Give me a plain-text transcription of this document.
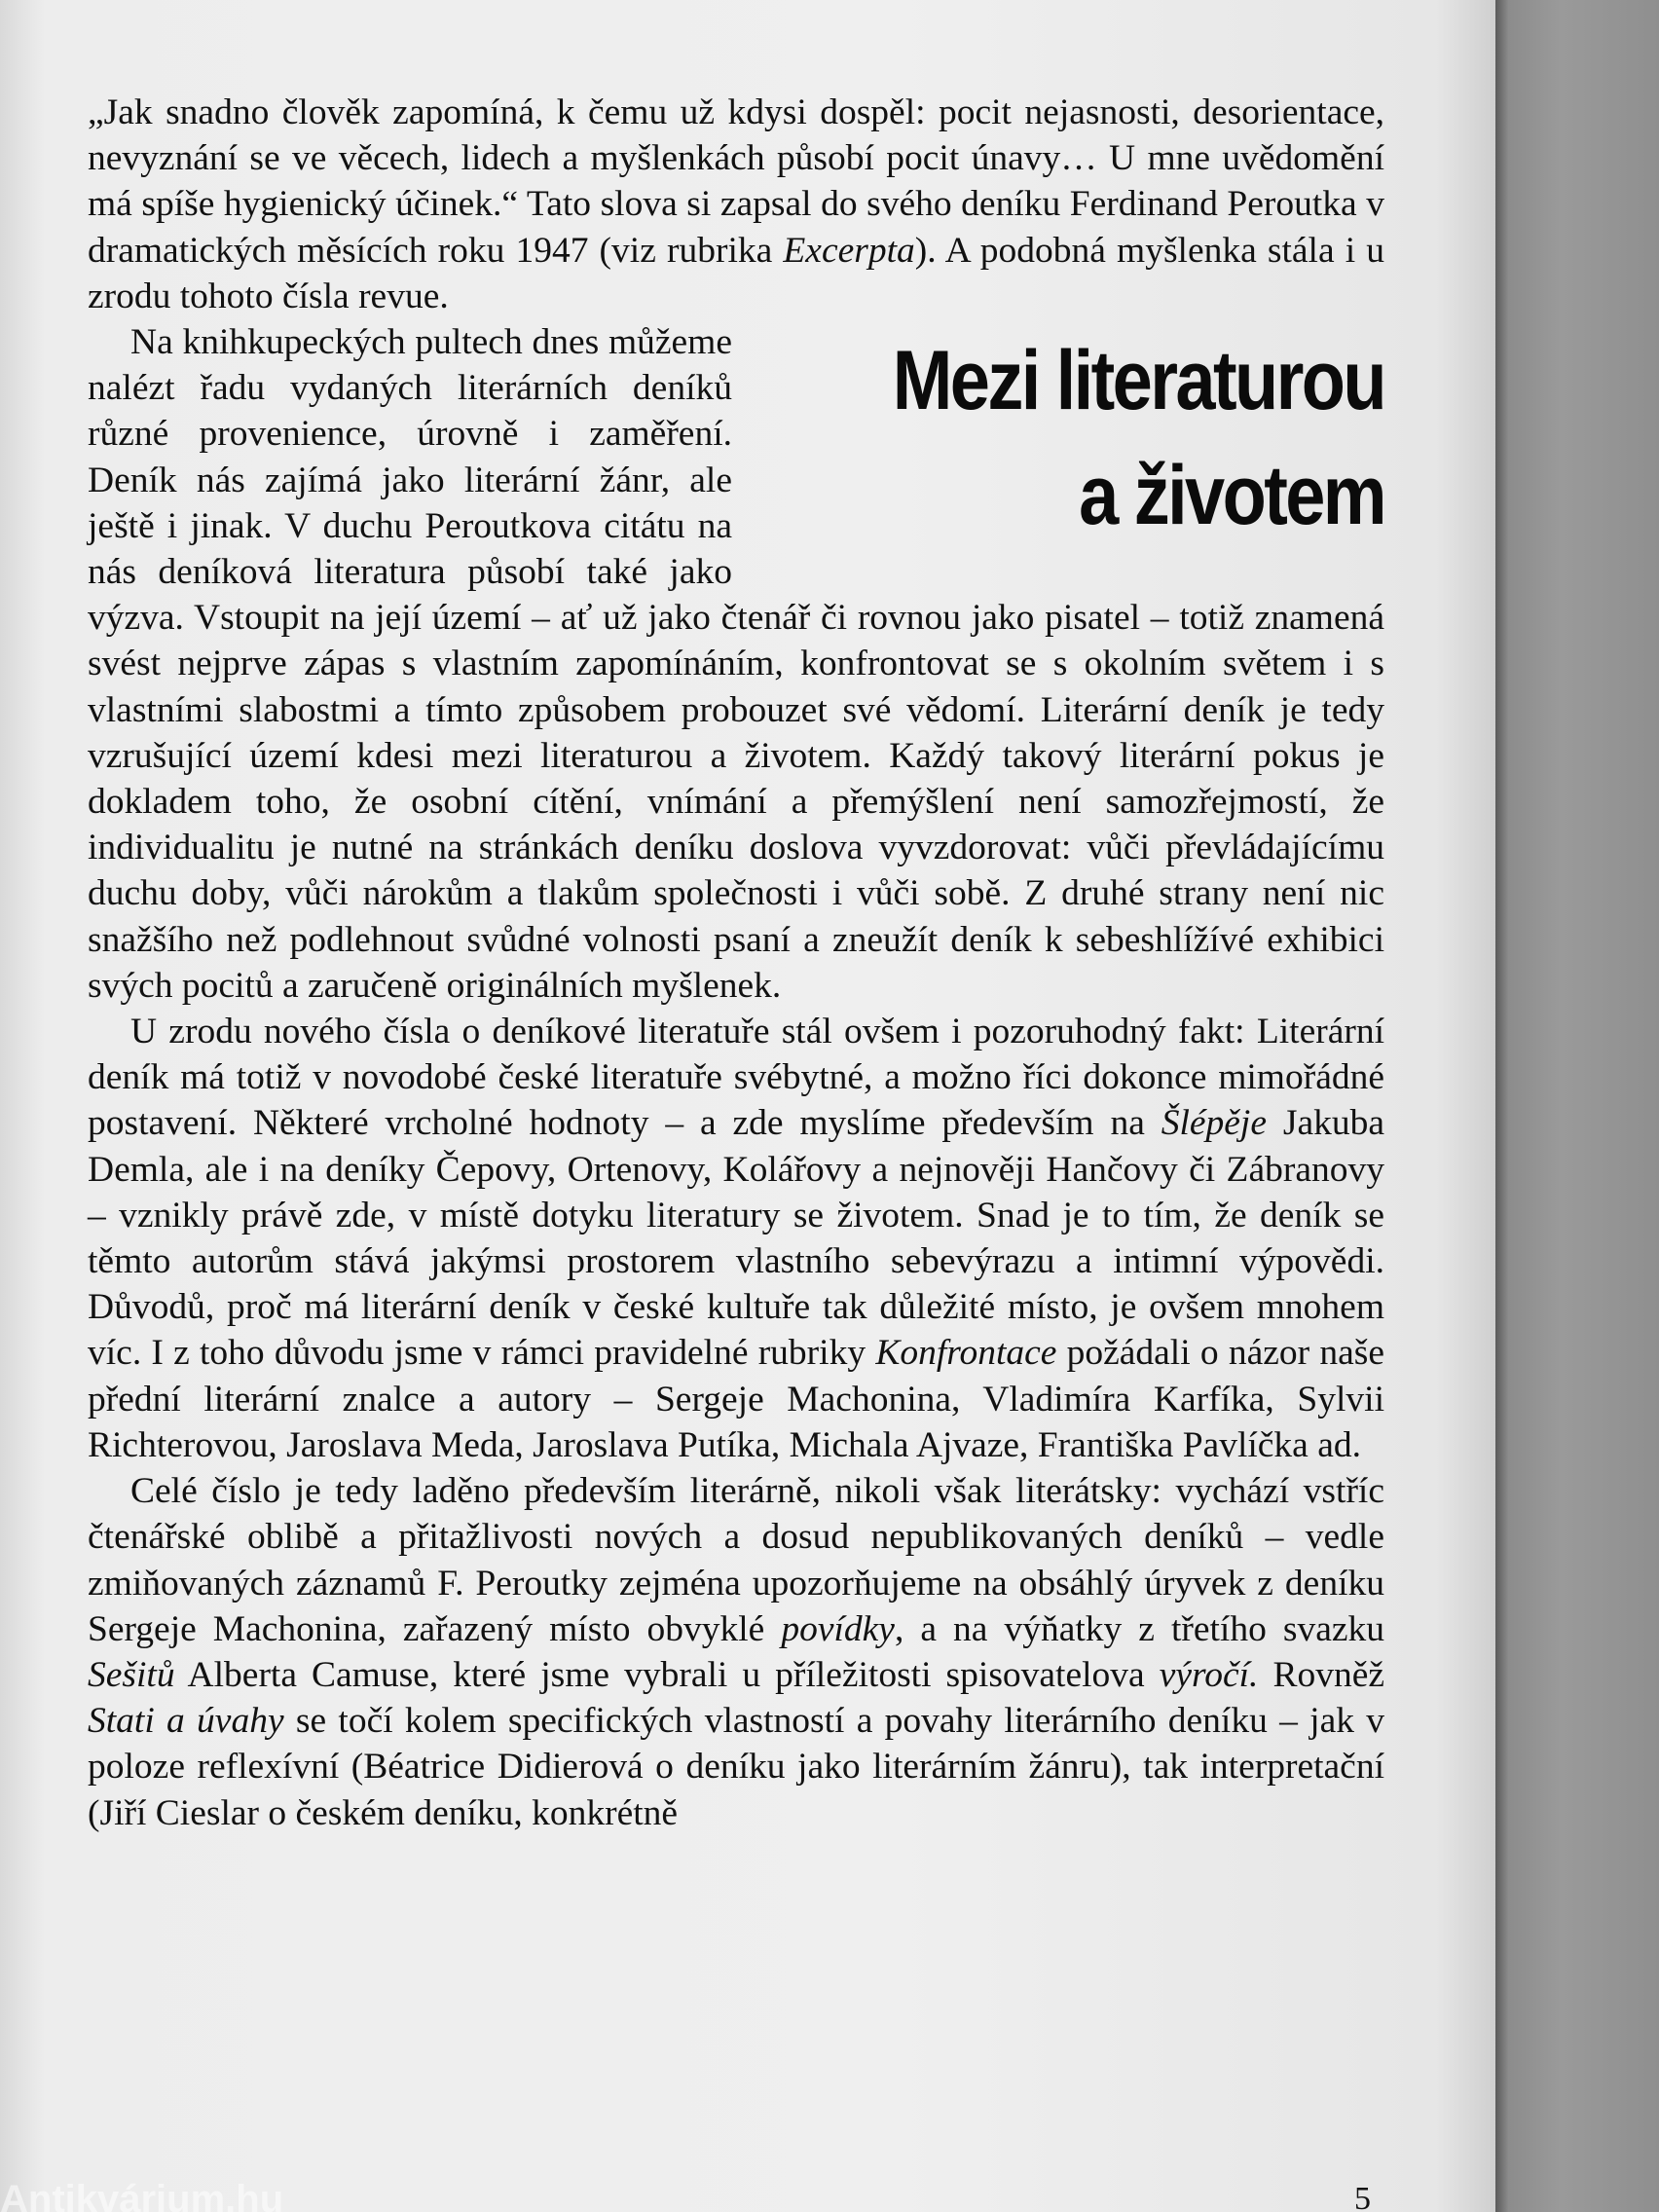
„Jak snadno člověk zapomíná, k čemu už kdysi dospěl: pocit nejasnosti, desorientace, nevyznání se ve věcech, lidech a myšlenkách působí pocit únavy… U mne uvědomění má spíše hygienický účinek.“ Tato slova si zapsal do svého deníku Ferdinand Peroutka v dramatických měsících roku 1947 (viz rubrika Excerpta). A podobná myšlenka stála i u zrodu tohoto čísla revue.

Mezi literaturou
a životem
Na knihkupeckých pultech dnes můžeme nalézt řadu vydaných literárních deníků různé provenience, úrovně i zaměření. Deník nás zajímá jako literární žánr, ale ještě i jinak. V duchu Peroutkova citátu na nás deníková literatura působí také jako výzva. Vstoupit na její území – ať už jako čtenář či rovnou jako pisatel – totiž znamená svést nejprve zápas s vlastním zapomínáním, konfrontovat se s okolním světem i s vlastními slabostmi a tímto způsobem probouzet své vědomí. Literární deník je tedy vzrušující území kdesi mezi literaturou a životem. Každý takový literární pokus je dokladem toho, že osobní cítění, vnímání a přemýšlení není samozřejmostí, že individualitu je nutné na stránkách deníku doslova vyvzdorovat: vůči převládajícímu duchu doby, vůči nárokům a tlakům společnosti i vůči sobě. Z druhé strany není nic snažšího než podlehnout svůdné volnosti psaní a zneužít deník k sebeshlížívé exhibici svých pocitů a zaručeně originálních myšlenek.

U zrodu nového čísla o deníkové literatuře stál ovšem i pozoruhodný fakt: Literární deník má totiž v novodobé české literatuře svébytné, a možno říci dokonce mimořádné postavení. Některé vrcholné hodnoty – a zde myslíme především na Šlépěje Jakuba Demla, ale i na deníky Čepovy, Ortenovy, Kolářovy a nejnověji Hančovy či Zábranovy – vznikly právě zde, v místě dotyku literatury se životem. Snad je to tím, že deník se těmto autorům stává jakýmsi prostorem vlastního sebevýrazu a intimní výpovědi. Důvodů, proč má literární deník v české kultuře tak důležité místo, je ovšem mnohem víc. I z toho důvodu jsme v rámci pravidelné rubriky Konfrontace požádali o názor naše přední literární znalce a autory – Sergeje Machonina, Vladimíra Karfíka, Sylvii Richterovou, Jaroslava Meda, Jaroslava Putíka, Michala Ajvaze, Františka Pavlíčka ad.

Celé číslo je tedy laděno především literárně, nikoli však literátsky: vychází vstříc čtenářské oblibě a přitažlivosti nových a dosud nepublikovaných deníků – vedle zmiňovaných záznamů F. Peroutky zejména upozorňujeme na obsáhlý úryvek z deníku Sergeje Machonina, zařazený místo obvyklé povídky, a na výňatky z třetího svazku Sešitů Alberta Camuse, které jsme vybrali u příležitosti spisovatelova výročí. Rovněž Stati a úvahy se točí kolem specifických vlastností a povahy literárního deníku – jak v poloze reflexívní (Béatrice Didierová o deníku jako literárním žánru), tak interpretační (Jiří Cieslar o českém deníku, konkrétně

5
Antikvárium.hu
